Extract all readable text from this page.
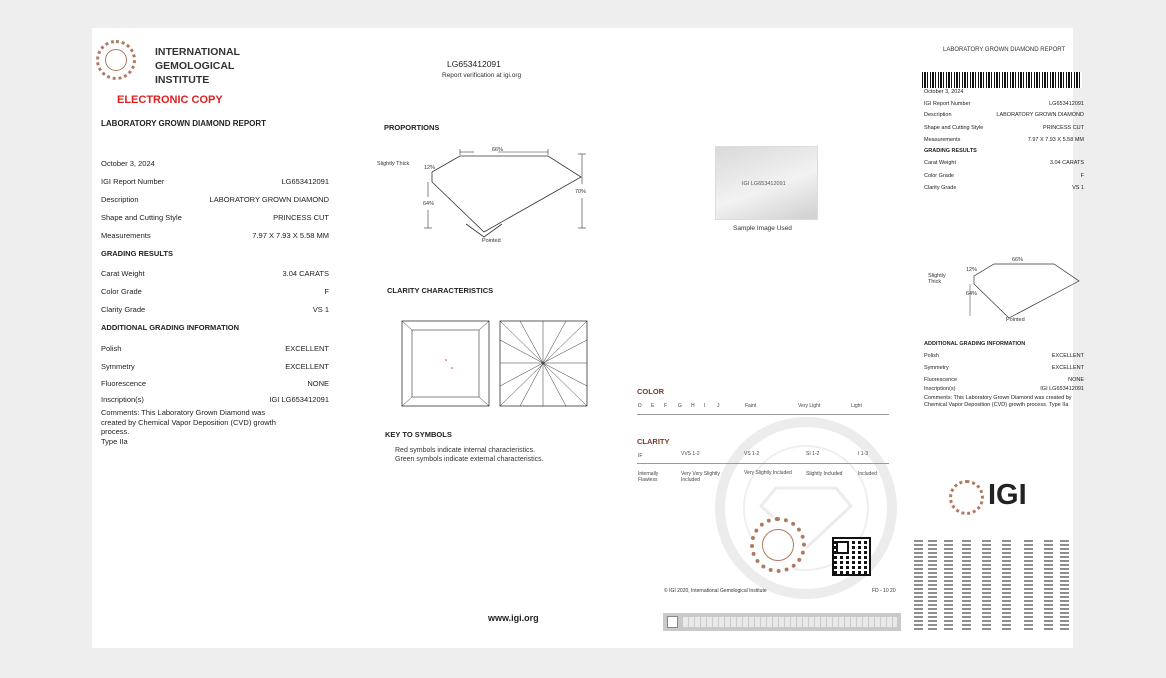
INTERNATIONAL
GEMOLOGICAL
INSTITUTE
ELECTRONIC COPY
LABORATORY GROWN DIAMOND REPORT
October 3, 2024
IGI Report Number	LG653412091
Description	LABORATORY GROWN DIAMOND
Shape and Cutting Style	PRINCESS CUT
Measurements	7.97 X 7.93 X 5.58 MM
GRADING RESULTS
Carat Weight	3.04 CARATS
Color Grade	F
Clarity Grade	VS 1
ADDITIONAL GRADING INFORMATION
Polish	EXCELLENT
Symmetry	EXCELLENT
Fluorescence	NONE
Inscription(s)	IGI LG653412091
Comments: This Laboratory Grown Diamond was
created by Chemical Vapor Deposition (CVD) growth
process.
Type IIa
LG653412091
Report verification at igi.org
PROPORTIONS
66%
Slightly Thick
12%
64%
70%
Pointed
IGI LG653412091
Sample Image Used
CLARITY CHARACTERISTICS
KEY TO SYMBOLS
Red symbols indicate internal characteristics.
Green symbols indicate external characteristics.
COLOR
D E F G H I J	Faint	Very Light	Light
CLARITY
IF	VVS 1-2	VS 1-2	SI 1-2	I 1-3
Internally Flawless
Very Very Slightly Included
Very Slightly Included	Slightly Included	Included
© IGI 2020, International Gemological Institute	FD - 10 20
www.igi.org
LABORATORY GROWN DIAMOND REPORT
October 3, 2024
IGI Report Number	LG653412091
Description	LABORATORY GROWN DIAMOND
Shape and Cutting Style	PRINCESS CUT
Measurements	7.97 X 7.93 X 5.58 MM
GRADING RESULTS
Carat Weight	3.04 CARATS
Color Grade	F
Clarity Grade	VS 1
66%
Slightly Thick
12%
64%
Pointed
ADDITIONAL GRADING INFORMATION
Polish	EXCELLENT
Symmetry	EXCELLENT
Fluorescence	NONE
Inscription(s)	IGI LG653412091
Comments: This Laboratory Grown Diamond was created by Chemical Vapor Deposition (CVD) growth process. Type IIa
IGI
